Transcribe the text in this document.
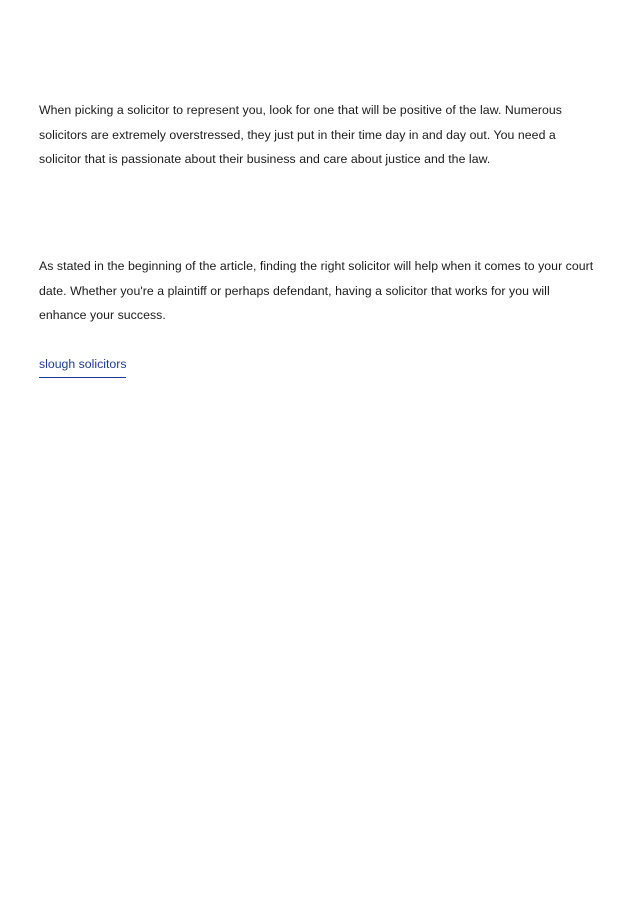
When picking a solicitor to represent you, look for one that will be positive of the law. Numerous solicitors are extremely overstressed, they just put in their time day in and day out. You need a solicitor that is passionate about their business and care about justice and the law.

As stated in the beginning of the article, finding the right solicitor will help when it comes to your court date. Whether you're a plaintiff or perhaps defendant, having a solicitor that works for you will enhance your success.

slough solicitors
